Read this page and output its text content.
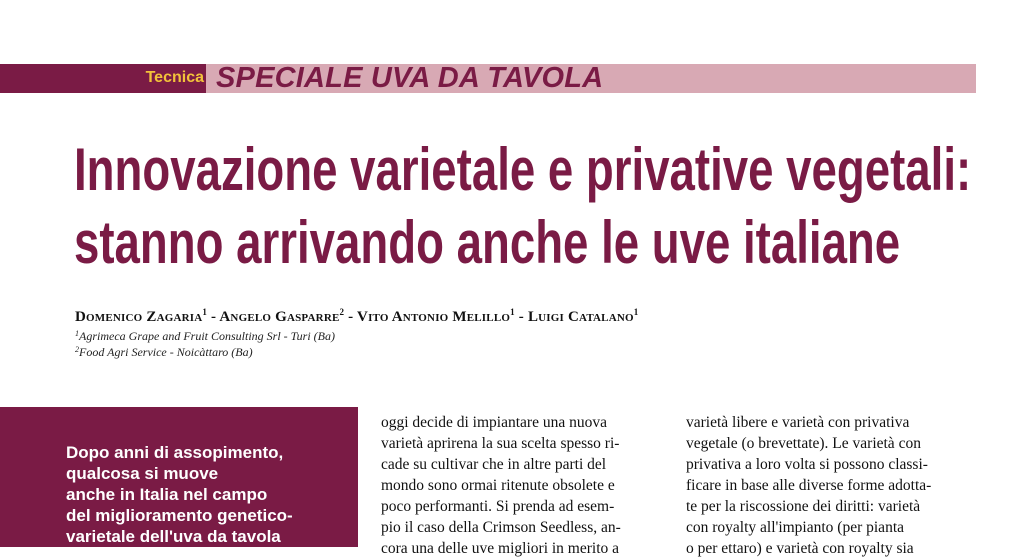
Tecnica SPECIALE UVA DA TAVOLA
Innovazione varietale e privative vegetali:
stanno arrivando anche le uve italiane
Domenico Zagaria$^1$ - Angelo Gasparre$^2$ - Vito Antonio Melillo$^1$ - Luigi Catalano$^1$
$^1$Agrimeca Grape and Fruit Consulting Srl - Turi (Ba)
$^2$Food Agri Service - Noicàttaro (Ba)
Dopo anni di assopimento,
qualcosa si muove
anche in Italia nel campo
del miglioramento genetico-
varietale dell'uva da tavola
oggi decide di impiantare una nuova
varietà aprirena la sua scelta spesso ri-
cade su cultivar che in altre parti del
mondo sono ormai ritenute obsolete e
poco performanti. Si prenda ad esem-
pio il caso della Crimson Seedless, an-
cora una delle uve migliori in merito a
varietà libere e varietà con privativa
vegetale (o brevettate). Le varietà con
privativa a loro volta si possono classi-
ficare in base alle diverse forme adotta-
te per la riscossione dei diritti: varietà
con royalty all'impianto (per pianta
o per ettaro) e varietà con royalty sia
